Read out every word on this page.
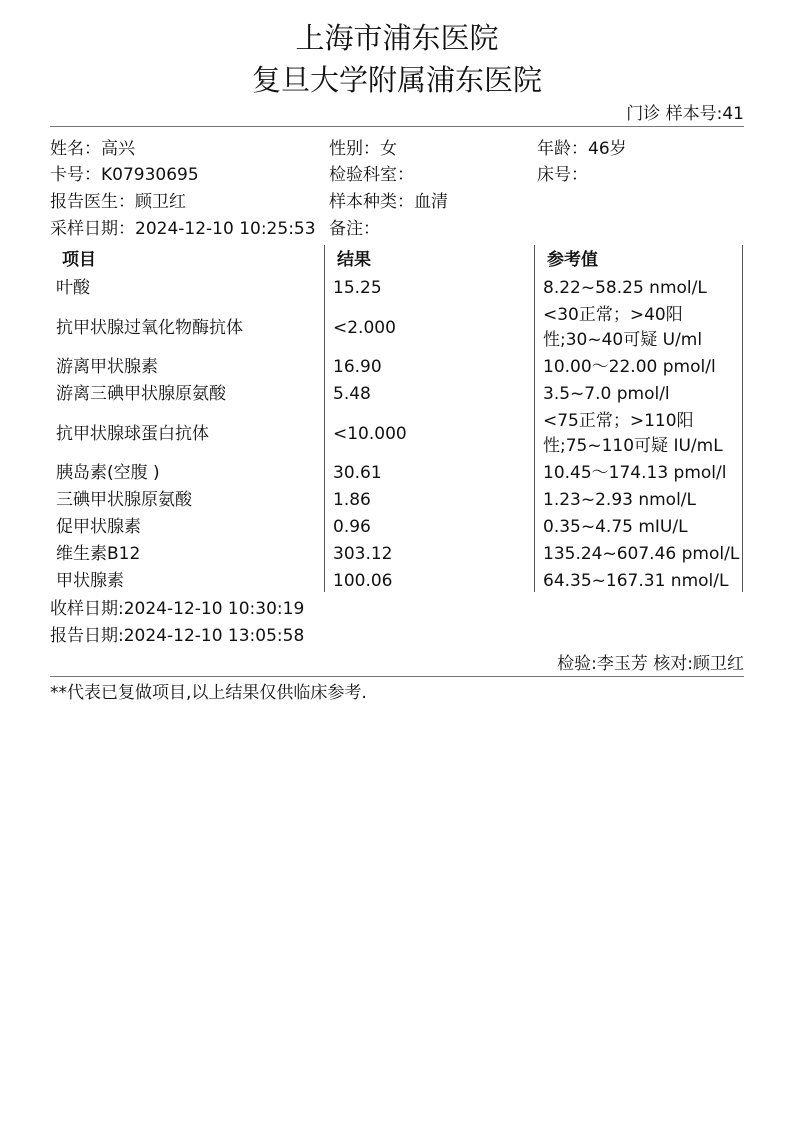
上海市浦东医院
复旦大学附属浦东医院
门诊 样本号:41
姓名：高兴	性别：女	年龄：46岁
卡号：K07930695	检验科室：	床号：
报告医生：顾卫红	样本种类：血清
采样日期：2024-12-10 10:25:53 备注：
项目	结果	参考值
叶酸	15.25	8.22~58.25 nmol/L
抗甲状腺过氧化物酶抗体	<2.000
<30正常；>40阳
性;30~40可疑 U/ml
游离甲状腺素	16.90	10.00～22.00 pmol/l
游离三碘甲状腺原氨酸	5.48	3.5~7.0 pmol/l
抗甲状腺球蛋白抗体	<10.000
<75正常；>110阳
性;75~110可疑 IU/mL
胰岛素(空腹 )	30.61	10.45～174.13 pmol/l
三碘甲状腺原氨酸	1.86	1.23~2.93 nmol/L
促甲状腺素	0.96	0.35~4.75 mIU/L
维生素B12	303.12	135.24~607.46 pmol/L
甲状腺素	100.06	64.35~167.31 nmol/L
收样日期:2024-12-10 10:30:19
报告日期:2024-12-10 13:05:58
检验:李玉芳 核对:顾卫红
**代表已复做项目,以上结果仅供临床参考.
